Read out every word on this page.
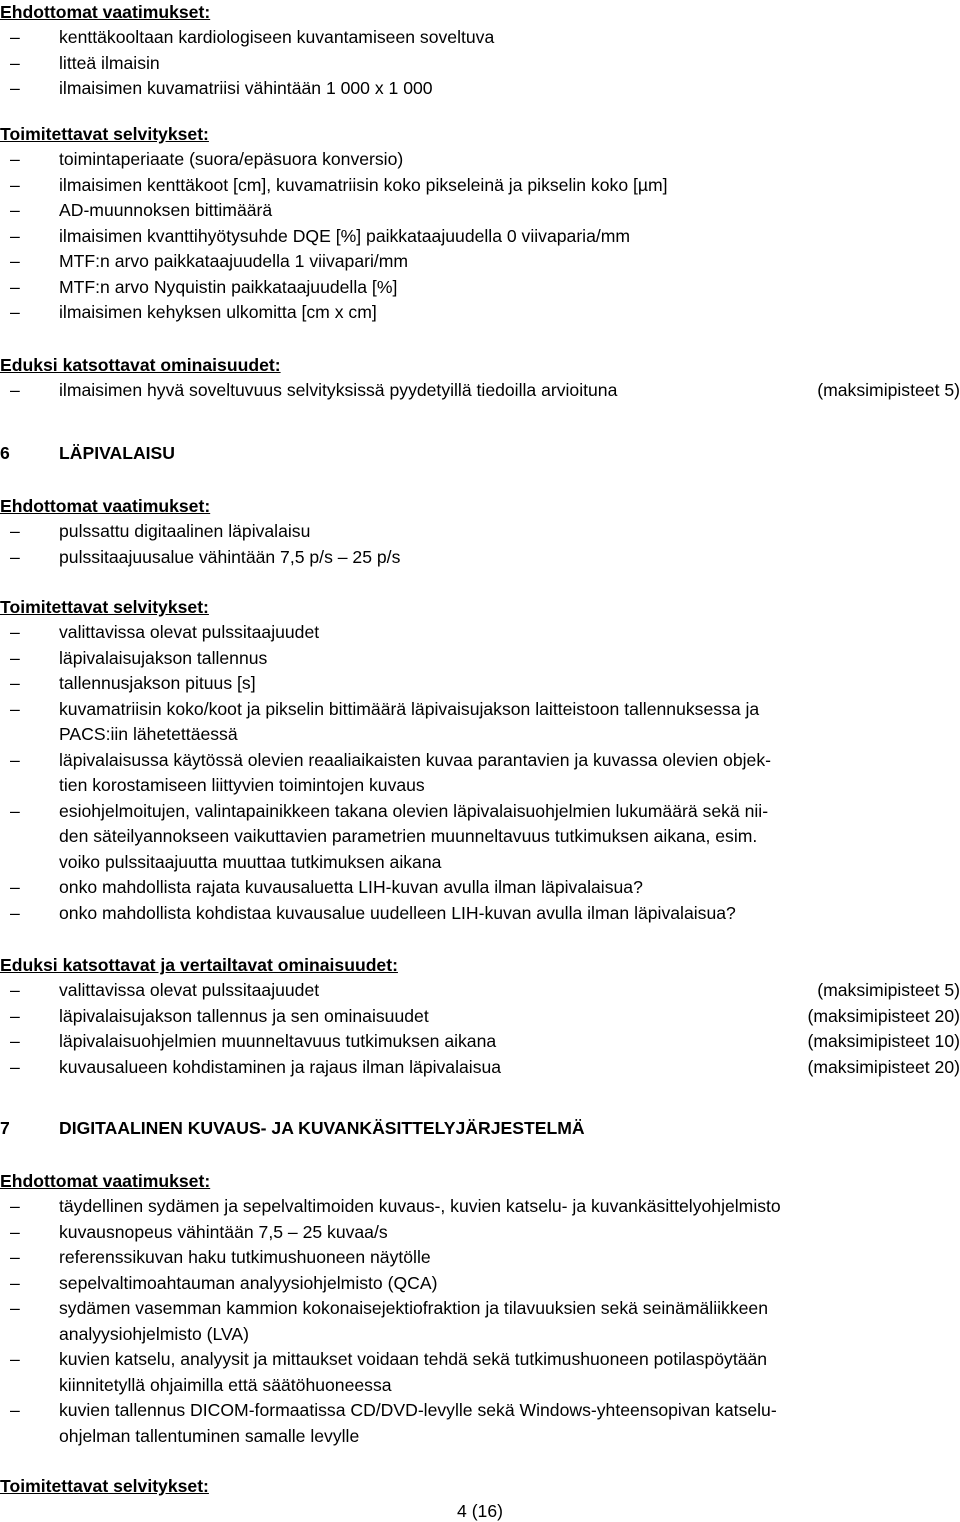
Ehdottomat vaatimukset:
– kenttäkooltaan kardiologiseen kuvantamiseen soveltuva
– litteä ilmaisin
– ilmaisimen kuvamatriisi vähintään 1 000 x 1 000
Toimitettavat selvitykset:
– toimintaperiaate (suora/epäsuora konversio)
– ilmaisimen kenttäkoot [cm], kuvamatriisin koko pikseleinä ja pikselin koko [µm]
– AD-muunnoksen bittimäärä
– ilmaisimen kvanttihyötysuhde DQE [%] paikkataajuudella 0 viivaparia/mm
– MTF:n arvo paikkataajuudella 1 viivapari/mm
– MTF:n arvo Nyquistin paikkataajuudella [%]
– ilmaisimen kehyksen ulkomitta [cm x cm]
Eduksi katsottavat ominaisuudet:
– ilmaisimen hyvä soveltuvuus selvityksissä pyydetyillä tiedoilla arvioituna	(maksimipisteet 5)
6	LÄPIVALAISU
Ehdottomat vaatimukset:
– pulssattu digitaalinen läpivalaisu
– pulssitaajuusalue vähintään 7,5 p/s – 25 p/s
Toimitettavat selvitykset:
– valittavissa olevat pulssitaajuudet
– läpivalaisujakson tallennus
– tallennusjakson pituus [s]
– kuvamatriisin koko/koot ja pikselin bittimäärä läpivaisujakson laitteistoon tallennuksessa ja
PACS:iin lähetettäessä
– läpivalaisussa käytössä olevien reaaliaikaisten kuvaa parantavien ja kuvassa olevien objek-
tien korostamiseen liittyvien toimintojen kuvaus
– esiohjelmoitujen, valintapainikkeen takana olevien läpivalaisuohjelmien lukumäärä sekä nii-
den säteilyannokseen vaikuttavien parametrien muunneltavuus tutkimuksen aikana, esim.
voiko pulssitaajuutta muuttaa tutkimuksen aikana
– onko mahdollista rajata kuvausaluetta LIH-kuvan avulla ilman läpivalaisua?
– onko mahdollista kohdistaa kuvausalue uudelleen LIH-kuvan avulla ilman läpivalaisua?
Eduksi katsottavat ja vertailtavat ominaisuudet:
– valittavissa olevat pulssitaajuudet	(maksimipisteet 5)
– läpivalaisujakson tallennus ja sen ominaisuudet	(maksimipisteet 20)
– läpivalaisuohjelmien muunneltavuus tutkimuksen aikana	(maksimipisteet 10)
– kuvausalueen kohdistaminen ja rajaus ilman läpivalaisua	(maksimipisteet 20)
7	DIGITAALINEN KUVAUS- JA KUVANKÄSITTELYJÄRJESTELMÄ
Ehdottomat vaatimukset:
– täydellinen sydämen ja sepelvaltimoiden kuvaus-, kuvien katselu- ja kuvankäsittelyohjelmisto
– kuvausnopeus vähintään 7,5 – 25 kuvaa/s
– referenssikuvan haku tutkimushuoneen näytölle
– sepelvaltimoahtauman analyysiohjelmisto (QCA)
– sydämen vasemman kammion kokonaisejektiofraktion ja tilavuuksien sekä seinämäliikkeen
analyysiohjelmisto (LVA)
– kuvien katselu, analyysit ja mittaukset voidaan tehdä sekä tutkimushuoneen potilaspöytään
kiinnitetyllä ohjaimilla että säätöhuoneessa
– kuvien tallennus DICOM-formaatissa CD/DVD-levylle sekä Windows-yhteensopivan katselu-
ohjelman tallentuminen samalle levylle
Toimitettavat selvitykset:
4 (16)
